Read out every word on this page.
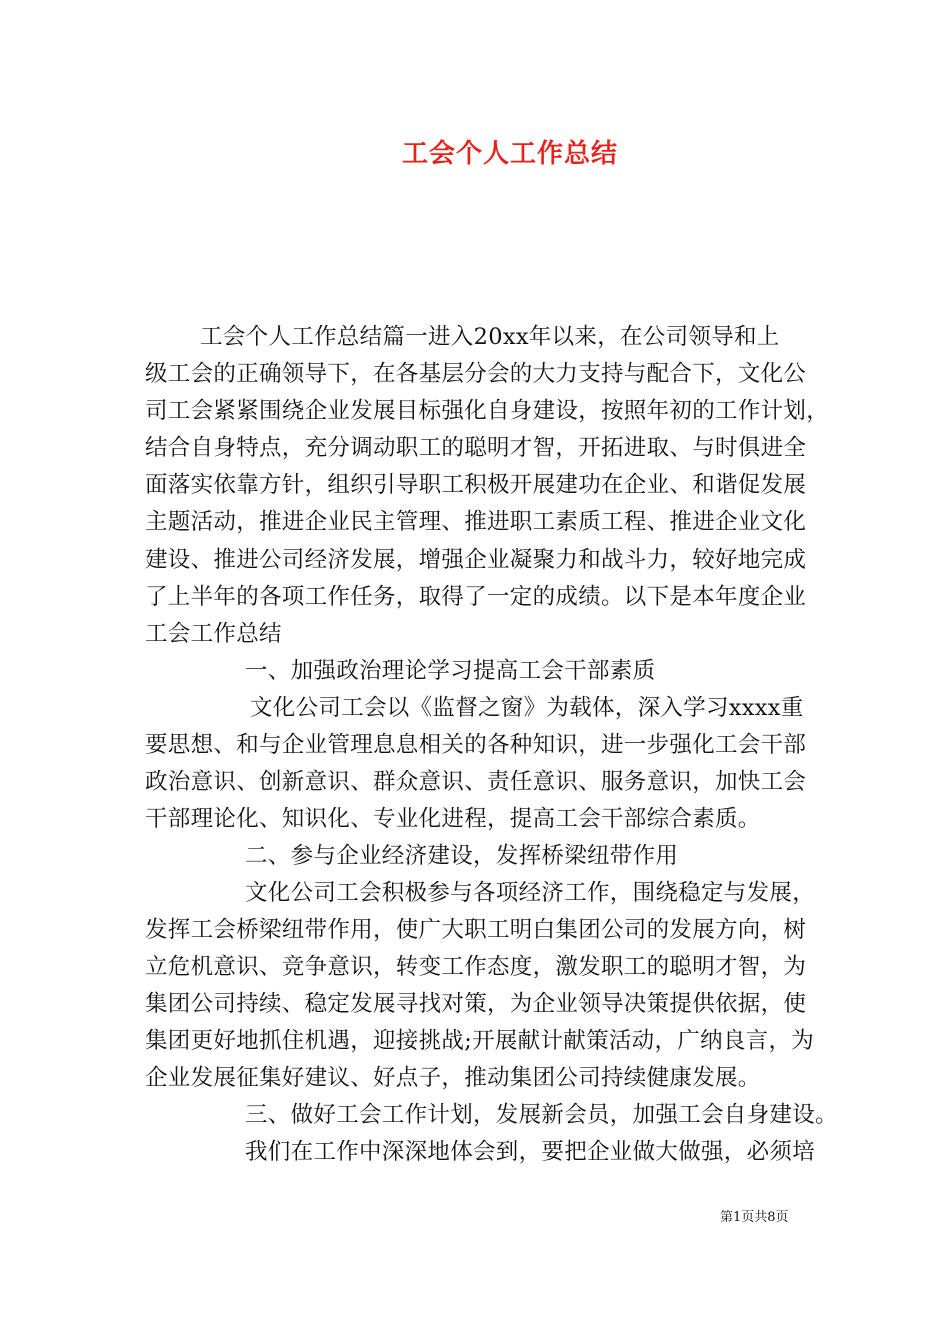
工会个人工作总结
工会个人工作总结篇一进入20xx年以来，在公司领导和上
级工会的正确领导下，在各基层分会的大力支持与配合下，文化公
司工会紧紧围绕企业发展目标强化自身建设，按照年初的工作计划，
结合自身特点，充分调动职工的聪明才智，开拓进取、与时俱进全
面落实依靠方针，组织引导职工积极开展建功在企业、和谐促发展
主题活动，推进企业民主管理、推进职工素质工程、推进企业文化
建设、推进公司经济发展，增强企业凝聚力和战斗力，较好地完成
了上半年的各项工作任务，取得了一定的成绩。以下是本年度企业
工会工作总结
一、加强政治理论学习提高工会干部素质
文化公司工会以《监督之窗》为载体，深入学习xxxx重
要思想、和与企业管理息息相关的各种知识，进一步强化工会干部
政治意识、创新意识、群众意识、责任意识、服务意识，加快工会
干部理论化、知识化、专业化进程，提高工会干部综合素质。
二、参与企业经济建设，发挥桥梁纽带作用
文化公司工会积极参与各项经济工作，围绕稳定与发展，
发挥工会桥梁纽带作用，使广大职工明白集团公司的发展方向，树
立危机意识、竞争意识，转变工作态度，激发职工的聪明才智，为
集团公司持续、稳定发展寻找对策，为企业领导决策提供依据，使
集团更好地抓住机遇，迎接挑战;开展献计献策活动，广纳良言，为
企业发展征集好建议、好点子，推动集团公司持续健康发展。
三、做好工会工作计划，发展新会员，加强工会自身建设。
我们在工作中深深地体会到，要把企业做大做强，必须培
第1页共8页
